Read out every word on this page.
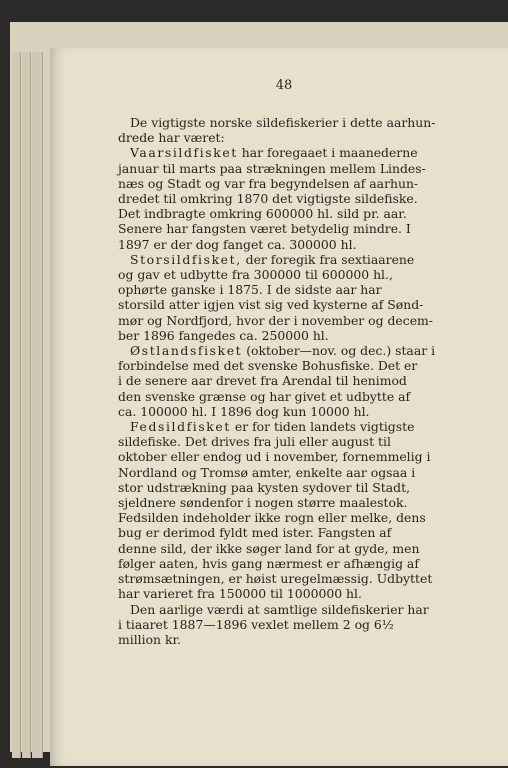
48
De vigtigste norske sildefiskerier i dette aarhun-
drede har været:
Vaarsildfisket har foregaaet i maanederne
januar til marts paa strækningen mellem Lindes-
næs og Stadt og var fra begyndelsen af aarhun-
dredet til omkring 1870 det vigtigste sildefiske.
Det indbragte omkring 600000 hl. sild pr. aar.
Senere har fangsten været betydelig mindre. I
1897 er der dog fanget ca. 300000 hl.
Storsildfisket, der foregik fra sextiaarene
og gav et udbytte fra 300000 til 600000 hl.,
ophørte ganske i 1875. I de sidste aar har
storsild atter igjen vist sig ved kysterne af Sønd-
mør og Nordfjord, hvor der i november og decem-
ber 1896 fangedes ca. 250000 hl.
Østlandsfisket (oktober—nov. og dec.) staar i
forbindelse med det svenske Bohusfiske. Det er
i de senere aar drevet fra Arendal til henimod
den svenske grænse og har givet et udbytte af
ca. 100000 hl. I 1896 dog kun 10000 hl.
Fedsildfisket er for tiden landets vigtigste
sildefiske. Det drives fra juli eller august til
oktober eller endog ud i november, fornemmelig i
Nordland og Tromsø amter, enkelte aar ogsaa i
stor udstrækning paa kysten sydover til Stadt,
sjeldnere søndenfor i nogen større maalestok.
Fedsilden indeholder ikke rogn eller melke, dens
bug er derimod fyldt med ister. Fangsten af
denne sild, der ikke søger land for at gyde, men
følger aaten, hvis gang nærmest er afhængig af
strømsætningen, er høist uregelmæssig. Udbyttet
har varieret fra 150000 til 1000000 hl.
Den aarlige værdi at samtlige sildefiskerier har
i tiaaret 1887—1896 vexlet mellem 2 og 6½
million kr.
